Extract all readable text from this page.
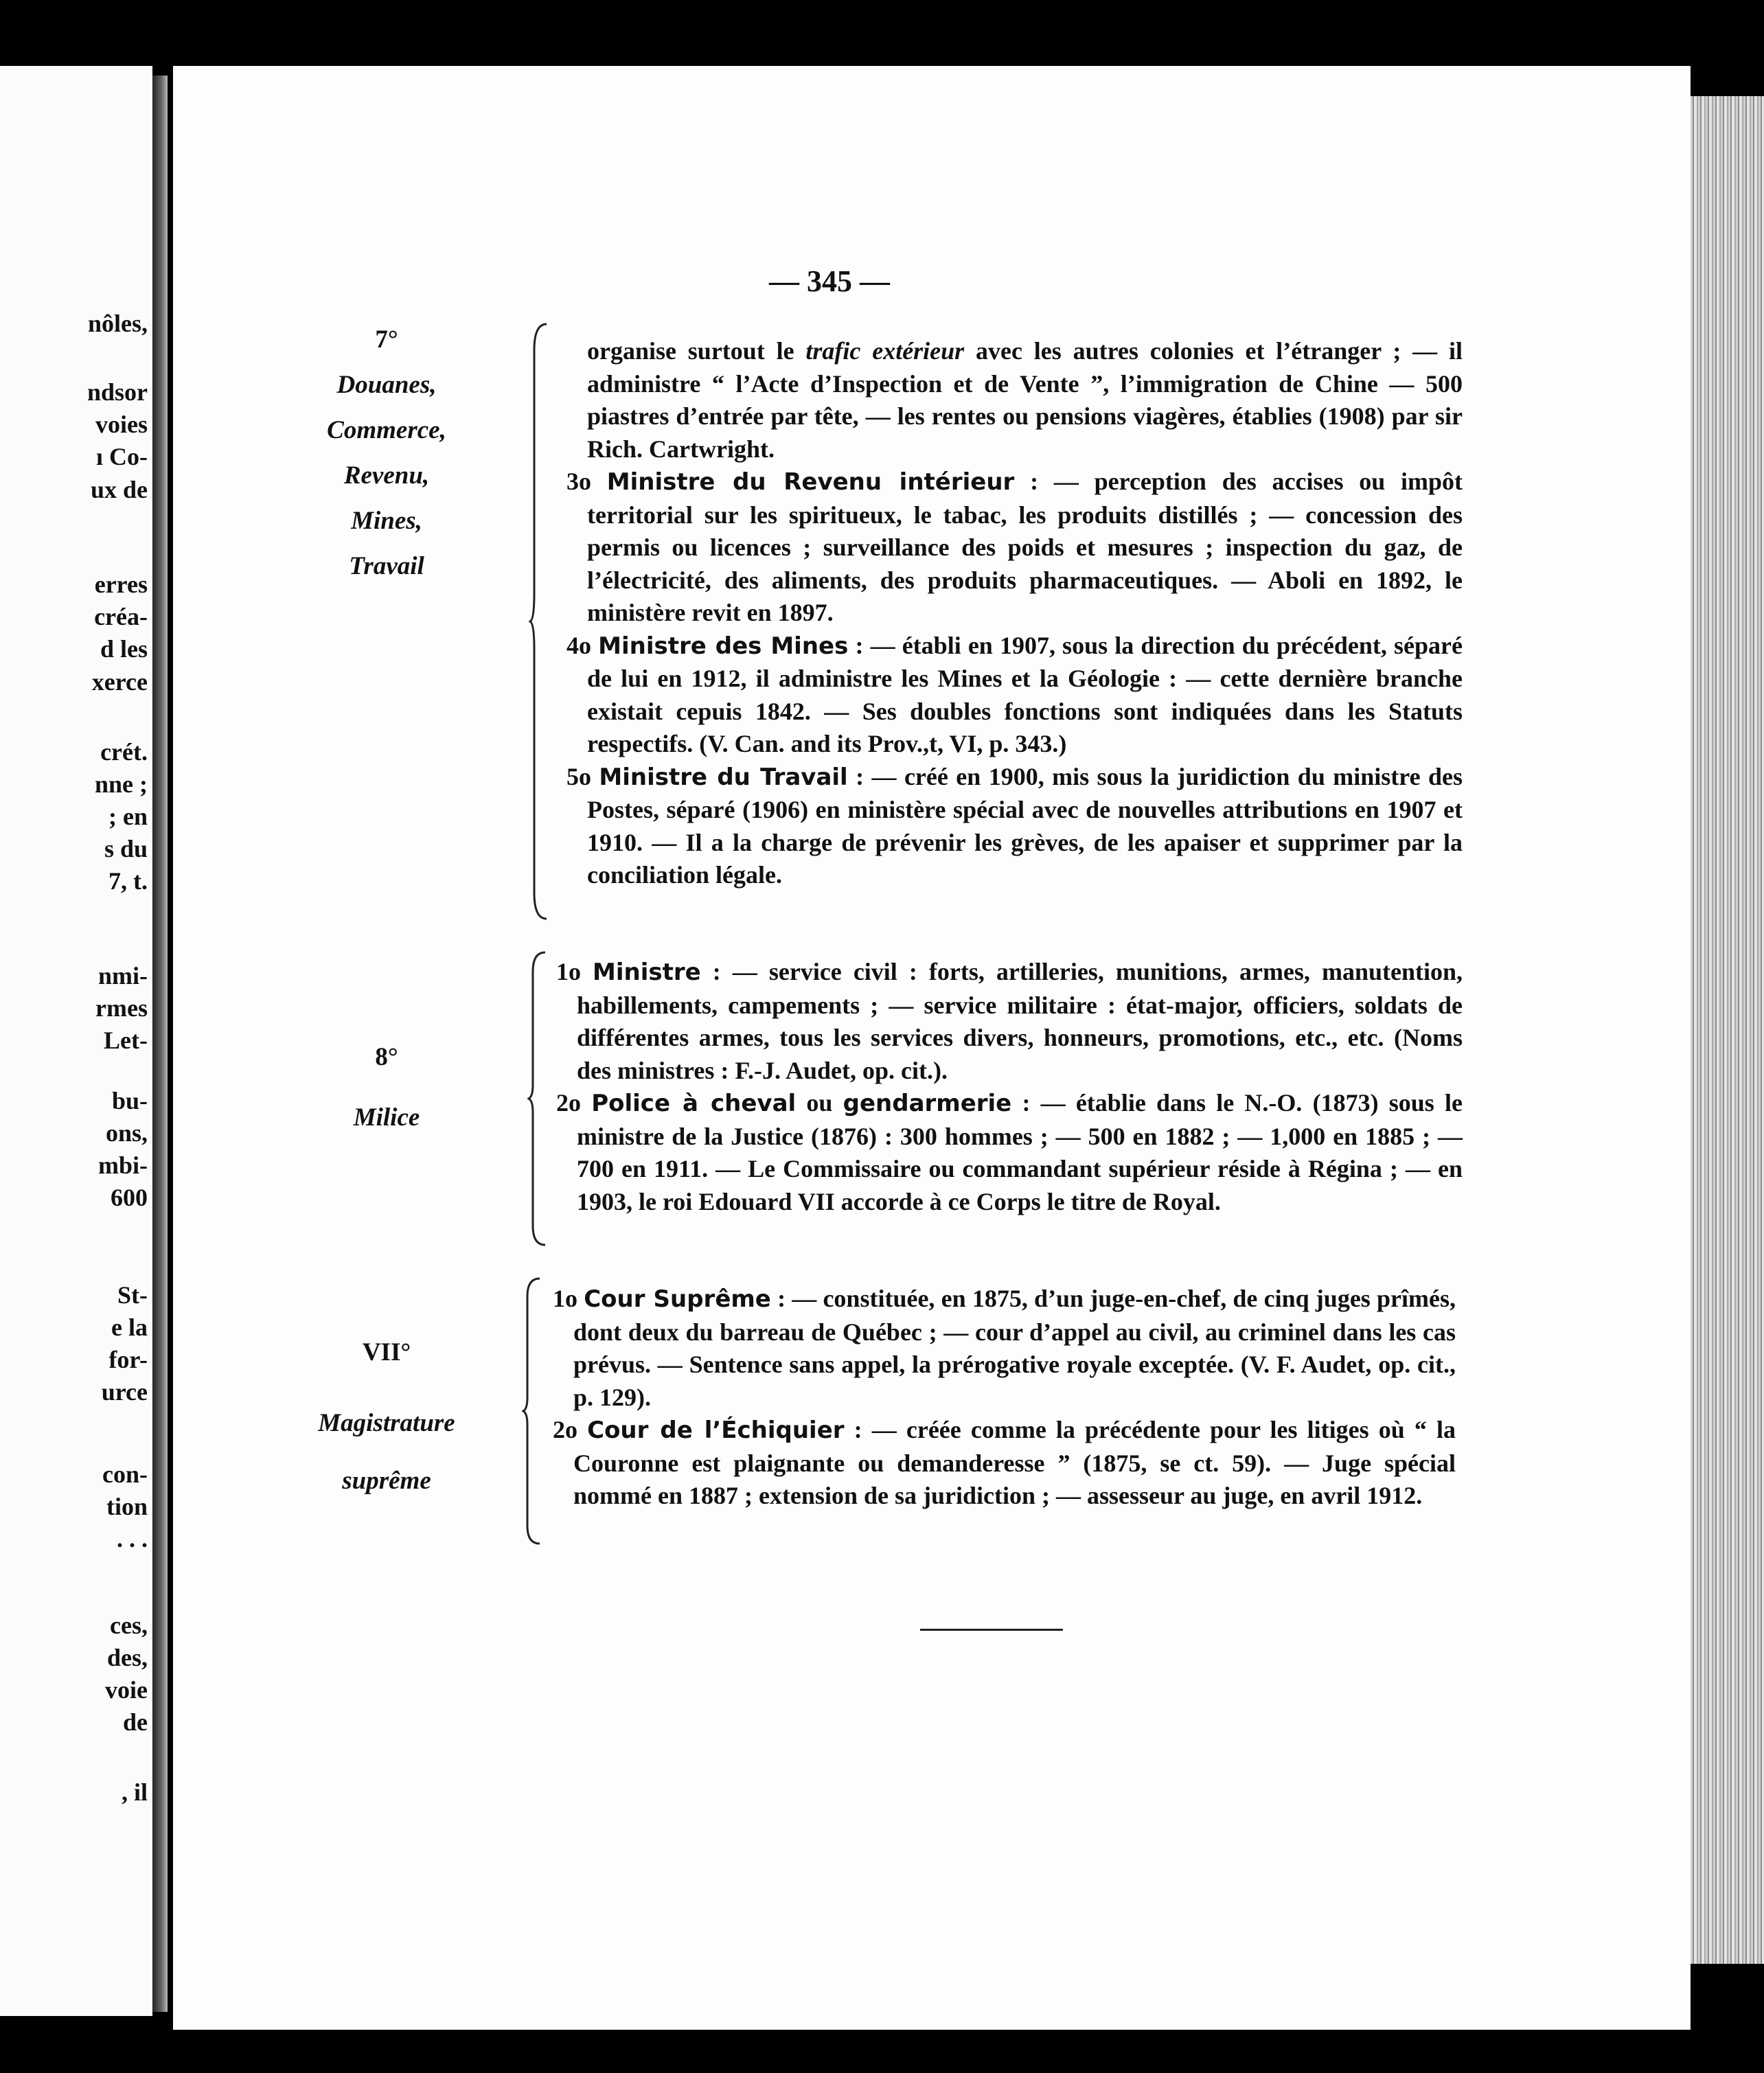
nôles,
ndsor
voies
ı Co-
ux de
erres
créa-
d les
xerce
crét.
nne ;
; en
s du
7, t.
nmi-
rmes
Let-
bu-
ons,
mbi-
600
St-
e la
for-
urce
con-
tion
. . .
ces,
des,
voie
de
, il
— 345 —
7°
Douanes,
Commerce,
Revenu,
Mines,
Travail
8°
Milice
VII°
Magistrature
suprême

organise surtout le trafic extérieur avec les autres colonies et l’étranger ; — il administre “ l’Acte d’Inspection et de Vente ”, l’immigration de Chine — 500 piastres d’entrée par tête, — les rentes ou pensions viagères, établies (1908) par sir Rich. Cartwright.

3o Ministre du Revenu intérieur : — perception des accises ou impôt territorial sur les spiritueux, le tabac, les produits distillés ; — concession des permis ou licences ; surveillance des poids et mesures ; inspection du gaz, de l’électricité, des aliments, des produits pharmaceutiques. — Aboli en 1892, le ministère revit en 1897.

4o Ministre des Mines : — établi en 1907, sous la direction du précédent, séparé de lui en 1912, il administre les Mines et la Géologie : — cette dernière branche existait cepuis 1842. — Ses doubles fonctions sont indiquées dans les Statuts respectifs. (V. Can. and its Prov.,t, VI, p. 343.)

5o Ministre du Travail : — créé en 1900, mis sous la juridiction du ministre des Postes, séparé (1906) en ministère spécial avec de nouvelles attributions en 1907 et 1910. — Il a la charge de prévenir les grèves, de les apaiser et supprimer par la conciliation légale.

1o Ministre : — service civil : forts, artilleries, munitions, armes, manutention, habillements, campements ; — service militaire : état-major, officiers, soldats de différentes armes, tous les services divers, honneurs, promotions, etc., etc. (Noms des ministres : F.-J. Audet, op. cit.).

2o Police à cheval ou gendarmerie : — établie dans le N.-O. (1873) sous le ministre de la Justice (1876) : 300 hommes ; — 500 en 1882 ; — 1,000 en 1885 ; — 700 en 1911. — Le Commissaire ou commandant supérieur réside à Régina ; — en 1903, le roi Edouard VII accorde à ce Corps le titre de Royal.

1o Cour Suprême : — constituée, en 1875, d’un juge-en-chef, de cinq juges prîmés, dont deux du barreau de Québec ; — cour d’appel au civil, au criminel dans les cas prévus. — Sentence sans appel, la prérogative royale exceptée. (V. F. Audet, op. cit., p. 129).

2o Cour de l’Échiquier : — créée comme la précédente pour les litiges où “ la Couronne est plaignante ou demanderesse ” (1875, se ct. 59). — Juge spécial nommé en 1887 ; extension de sa juridiction ; — assesseur au juge, en avril 1912.
